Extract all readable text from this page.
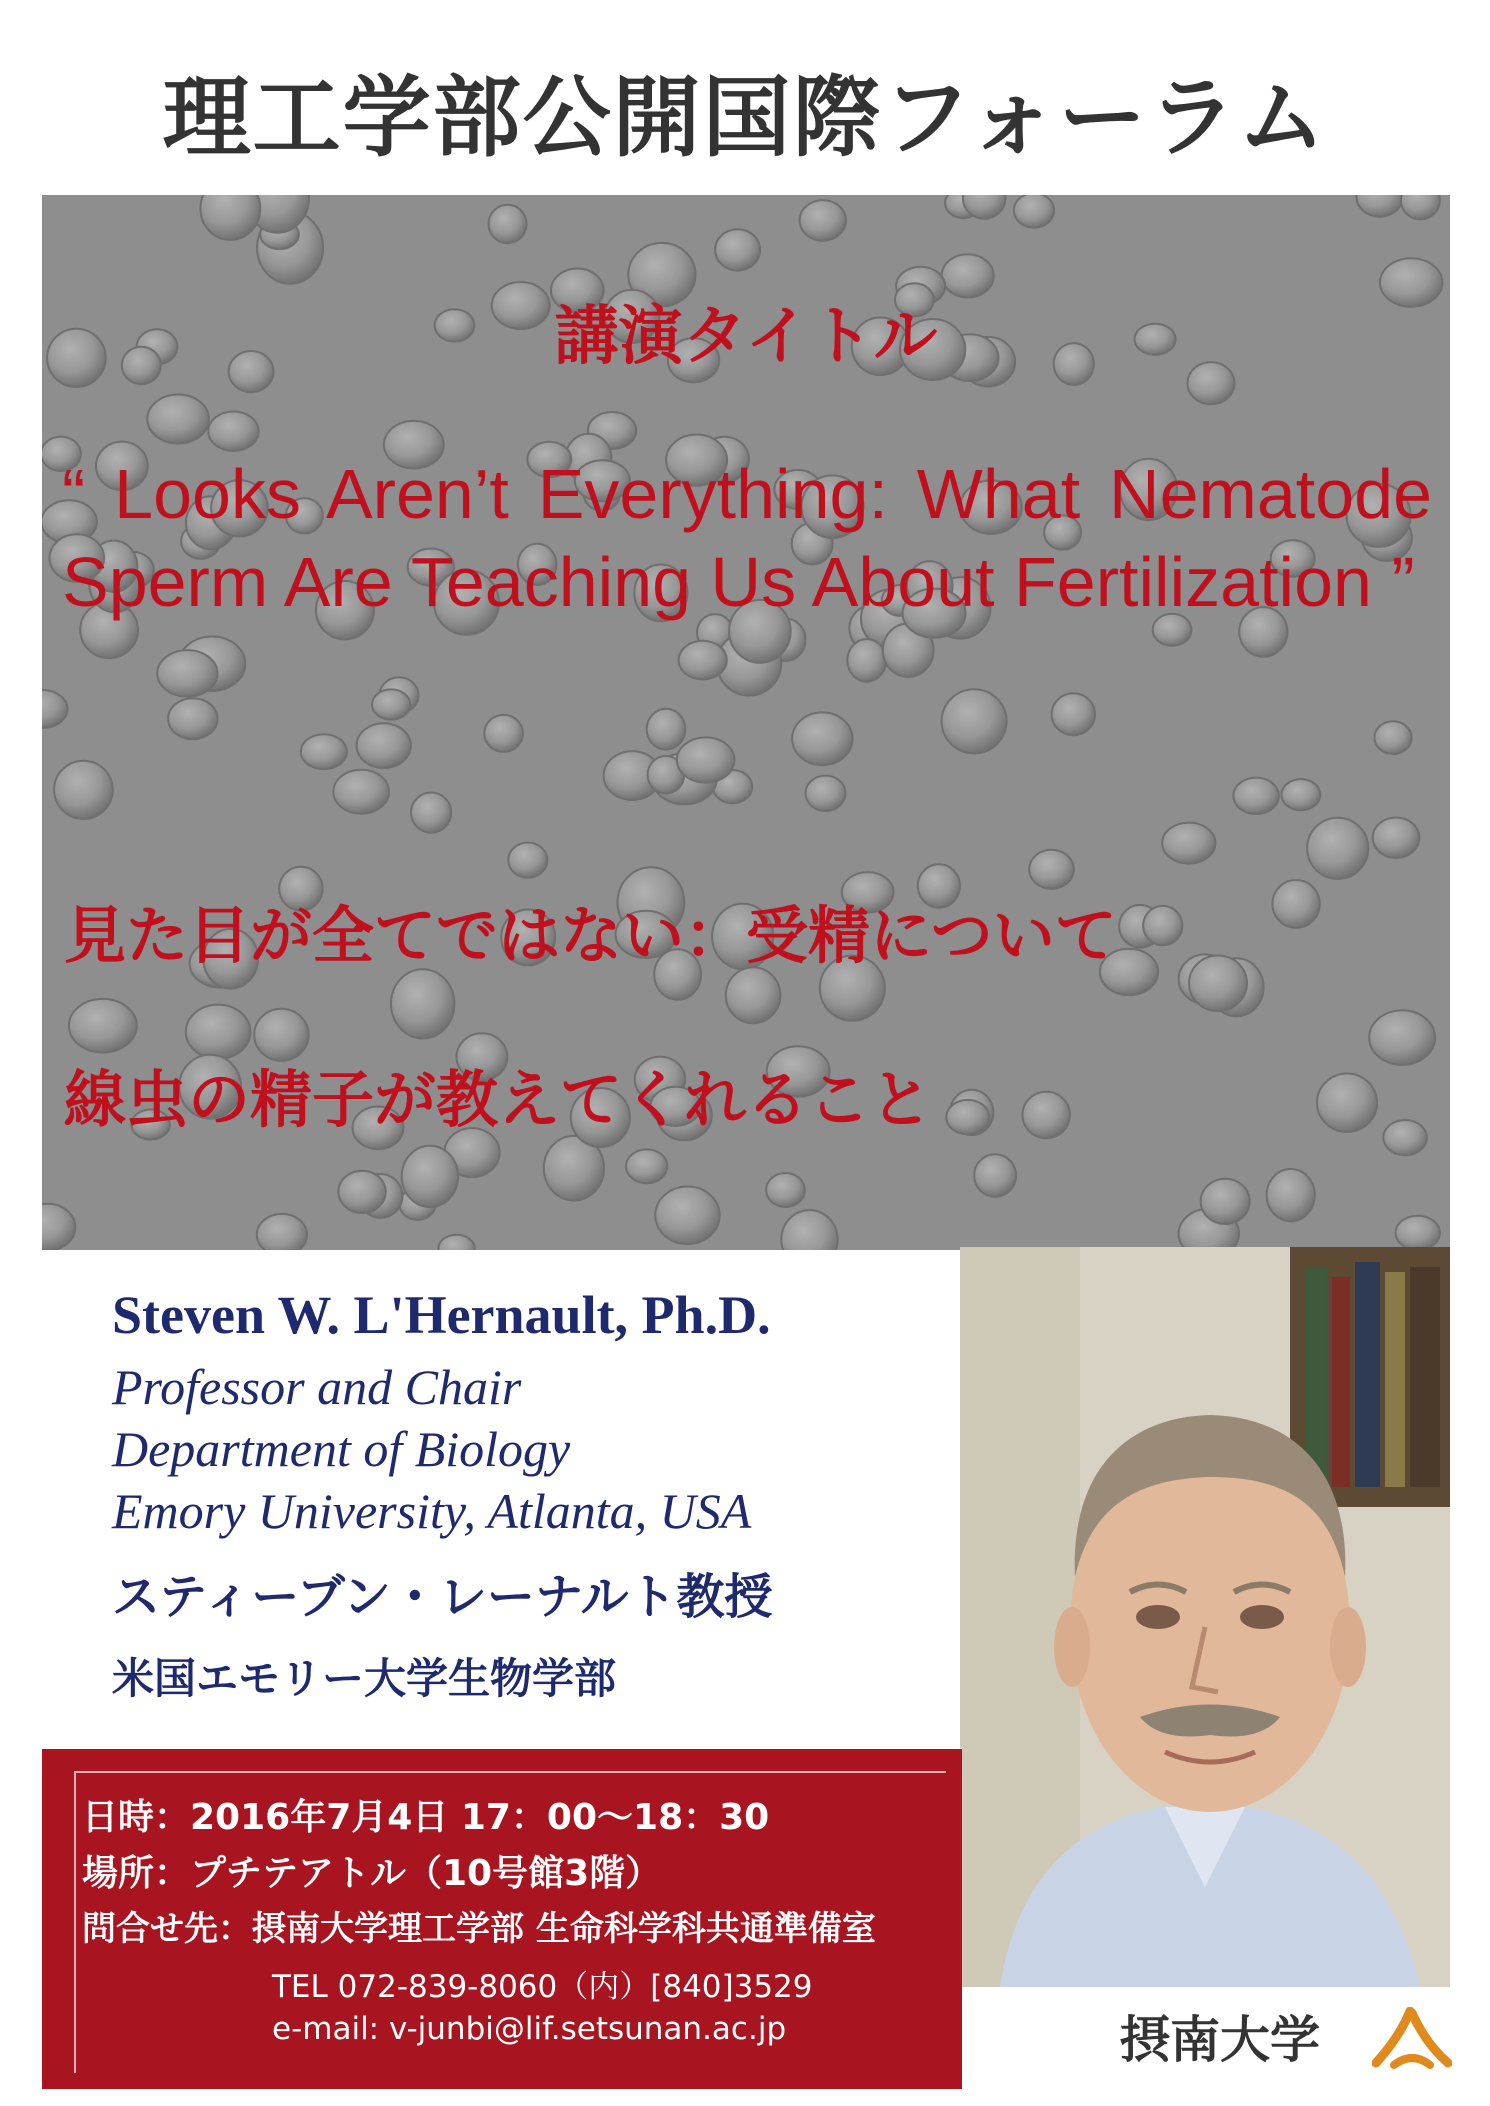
理工学部公開国際フォーラム
講演タイトル
“ Looks Aren’t Everything: What Nematode Sperm Are Teaching Us About Fertilization ”

見た目が全てではない：受精について

線虫の精子が教えてくれること

Steven W. L'Hernault, Ph.D.
Professor and Chair
Department of Biology
Emory University, Atlanta, USA
スティーブン・レーナルト教授
米国エモリー大学生物学部
日時：2016年7月4日 17：00～18：30
場所：プチテアトル（10号館3階）
問合せ先：摂南大学理工学部 生命科学科共通準備室
TEL 072-839-8060（内）[840]3529
e-mail: v-junbi@lif.setsunan.ac.jp	摂南大学
